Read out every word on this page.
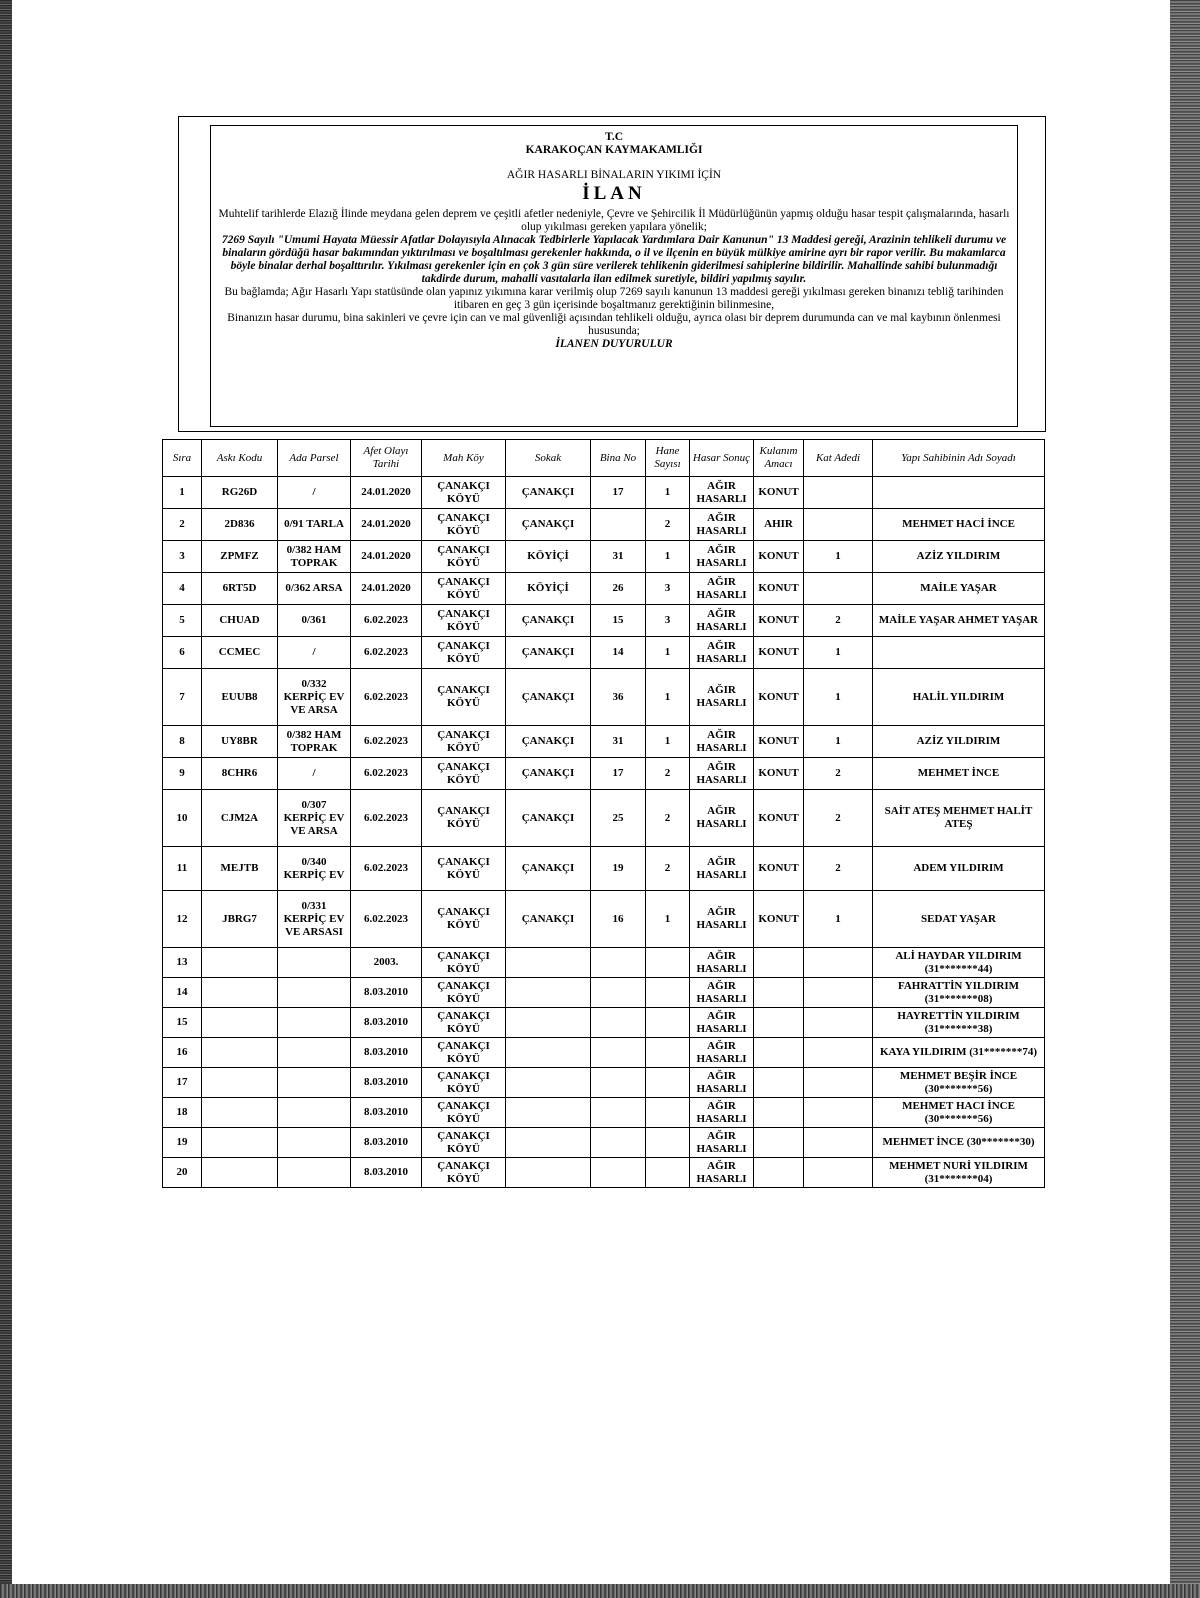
T.C

KARAKOÇAN KAYMAKAMLIĞI

AĞIR HASARLI BİNALARIN YIKIMI İÇİN

İLAN

Muhtelif tarihlerde Elazığ İlinde meydana gelen deprem ve çeşitli afetler nedeniyle, Çevre ve Şehircilik İl Müdürlüğünün yapmış olduğu hasar tespit çalışmalarında, hasarlı olup yıkılması gereken yapılara yönelik;

7269 Sayılı "Umumi Hayata Müessir Afatlar Dolayısıyla Alınacak Tedbirlerle Yapılacak Yardımlara Dair Kanunun" 13 Maddesi gereği, Arazinin tehlikeli durumu ve binaların gördüğü hasar bakımından yıktırılması ve boşaltılması gerekenler hakkında, o il ve ilçenin en büyük mülkiye amirine ayrı bir rapor verilir. Bu makamlarca böyle binalar derhal boşalttırılır. Yıkılması gerekenler için en çok 3 gün süre verilerek tehlikenin giderilmesi sahiplerine bildirilir. Mahallinde sahibi bulunmadığı takdirde durum, mahalli vasıtalarla ilan edilmek suretiyle, bildiri yapılmış sayılır.

Bu bağlamda; Ağır Hasarlı Yapı statüsünde olan yapınız yıkımına karar verilmiş olup 7269 sayılı kanunun 13 maddesi gereği yıkılması gereken binanızı tebliğ tarihinden itibaren en geç 3 gün içerisinde boşaltmanız gerektiğinin bilinmesine,

Binanızın hasar durumu, bina sakinleri ve çevre için can ve mal güvenliği açısından tehlikeli olduğu, ayrıca olası bir deprem durumunda can ve mal kaybının önlenmesi hususunda;

İLANEN DUYURULUR

Sıra	Askı Kodu	Ada Parsel	Afet Olayı Tarihi	Mah Köy	Sokak	Bina No	Hane Sayısı	Hasar Sonuç	Kulanım Amacı	Kat Adedi	Yapı Sahibinin Adı Soyadı
1	RG26D	/	24.01.2020	ÇANAKÇI KÖYÜ	ÇANAKÇI	17	1	AĞIR HASARLI	KONUT		
2	2D836	0/91 TARLA	24.01.2020	ÇANAKÇI KÖYÜ	ÇANAKÇI		2	AĞIR HASARLI	AHIR		MEHMET HACİ İNCE
3	ZPMFZ	0/382 HAM TOPRAK	24.01.2020	ÇANAKÇI KÖYÜ	KÖYİÇİ	31	1	AĞIR HASARLI	KONUT	1	AZİZ YILDIRIM
4	6RT5D	0/362 ARSA	24.01.2020	ÇANAKÇI KÖYÜ	KÖYİÇİ	26	3	AĞIR HASARLI	KONUT		MAİLE YAŞAR
5	CHUAD	0/361	6.02.2023	ÇANAKÇI KÖYÜ	ÇANAKÇI	15	3	AĞIR HASARLI	KONUT	2	MAİLE YAŞAR AHMET YAŞAR
6	CCMEC	/	6.02.2023	ÇANAKÇI KÖYÜ	ÇANAKÇI	14	1	AĞIR HASARLI	KONUT	1	
7	EUUB8	0/332 KERPİÇ EV VE ARSA	6.02.2023	ÇANAKÇI KÖYÜ	ÇANAKÇI	36	1	AĞIR HASARLI	KONUT	1	HALİL YILDIRIM
8	UY8BR	0/382 HAM TOPRAK	6.02.2023	ÇANAKÇI KÖYÜ	ÇANAKÇI	31	1	AĞIR HASARLI	KONUT	1	AZİZ YILDIRIM
9	8CHR6	/	6.02.2023	ÇANAKÇI KÖYÜ	ÇANAKÇI	17	2	AĞIR HASARLI	KONUT	2	MEHMET İNCE
10	CJM2A	0/307 KERPİÇ EV VE ARSA	6.02.2023	ÇANAKÇI KÖYÜ	ÇANAKÇI	25	2	AĞIR HASARLI	KONUT	2	SAİT ATEŞ MEHMET HALİT ATEŞ
11	MEJTB	0/340 KERPİÇ EV	6.02.2023	ÇANAKÇI KÖYÜ	ÇANAKÇI	19	2	AĞIR HASARLI	KONUT	2	ADEM YILDIRIM
12	JBRG7	0/331 KERPİÇ EV VE ARSASI	6.02.2023	ÇANAKÇI KÖYÜ	ÇANAKÇI	16	1	AĞIR HASARLI	KONUT	1	SEDAT YAŞAR
13			2003.	ÇANAKÇI KÖYÜ				AĞIR HASARLI			ALİ HAYDAR YILDIRIM (31*******44)
14			8.03.2010	ÇANAKÇI KÖYÜ				AĞIR HASARLI			FAHRATTİN YILDIRIM (31*******08)
15			8.03.2010	ÇANAKÇI KÖYÜ				AĞIR HASARLI			HAYRETTİN YILDIRIM (31*******38)
16			8.03.2010	ÇANAKÇI KÖYÜ				AĞIR HASARLI			KAYA YILDIRIM (31*******74)
17			8.03.2010	ÇANAKÇI KÖYÜ				AĞIR HASARLI			MEHMET BEŞİR İNCE (30*******56)
18			8.03.2010	ÇANAKÇI KÖYÜ				AĞIR HASARLI			MEHMET HACI İNCE (30*******56)
19			8.03.2010	ÇANAKÇI KÖYÜ				AĞIR HASARLI			MEHMET İNCE (30*******30)
20			8.03.2010	ÇANAKÇI KÖYÜ				AĞIR HASARLI			MEHMET NURİ YILDIRIM (31*******04)
